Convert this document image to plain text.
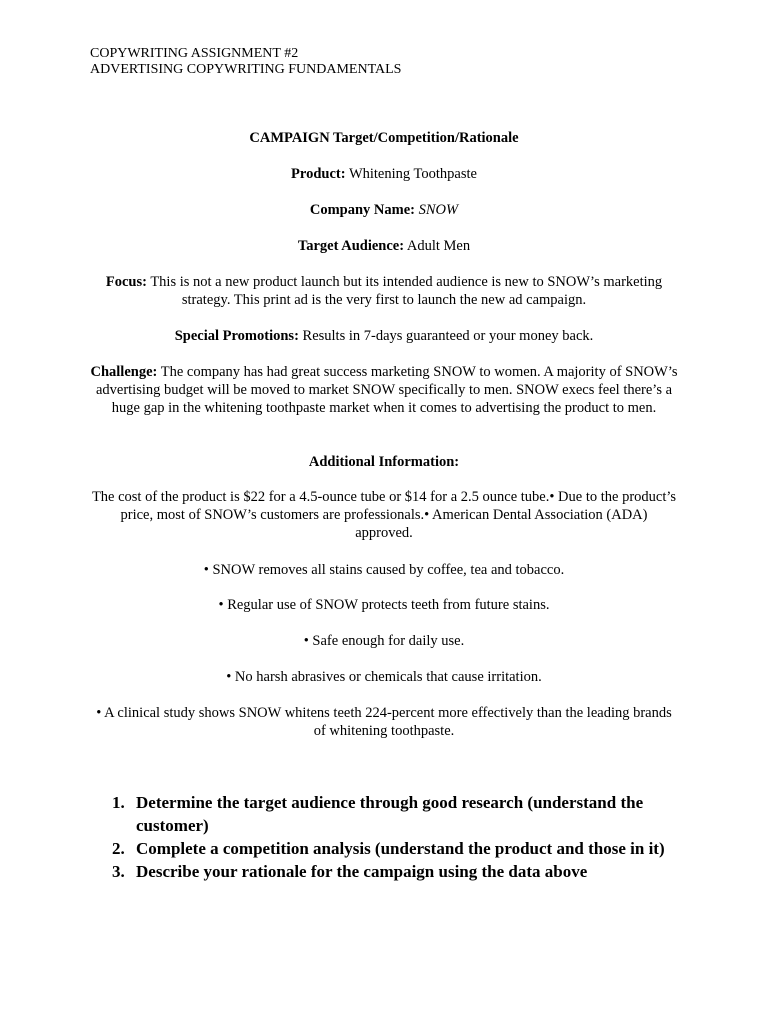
COPYWRITING ASSIGNMENT #2
ADVERTISING COPYWRITING FUNDAMENTALS
CAMPAIGN Target/Competition/Rationale
Product: Whitening Toothpaste
Company Name: SNOW
Target Audience: Adult Men
Focus: This is not a new product launch but its intended audience is new to SNOW’s marketing strategy. This print ad is the very first to launch the new ad campaign.
Special Promotions: Results in 7-days guaranteed or your money back.
Challenge: The company has had great success marketing SNOW to women. A majority of SNOW’s advertising budget will be moved to market SNOW specifically to men. SNOW execs feel there’s a huge gap in the whitening toothpaste market when it comes to advertising the product to men.
Additional Information:
The cost of the product is $22 for a 4.5-ounce tube or $14 for a 2.5 ounce tube.• Due to the product’s price, most of SNOW’s customers are professionals.• American Dental Association (ADA) approved.
• SNOW removes all stains caused by coffee, tea and tobacco.
• Regular use of SNOW protects teeth from future stains.
• Safe enough for daily use.
• No harsh abrasives or chemicals that cause irritation.
• A clinical study shows SNOW whitens teeth 224-percent more effectively than the leading brands of whitening toothpaste.
1. Determine the target audience through good research (understand the customer)
2. Complete a competition analysis (understand the product and those in it)
3. Describe your rationale for the campaign using the data above
